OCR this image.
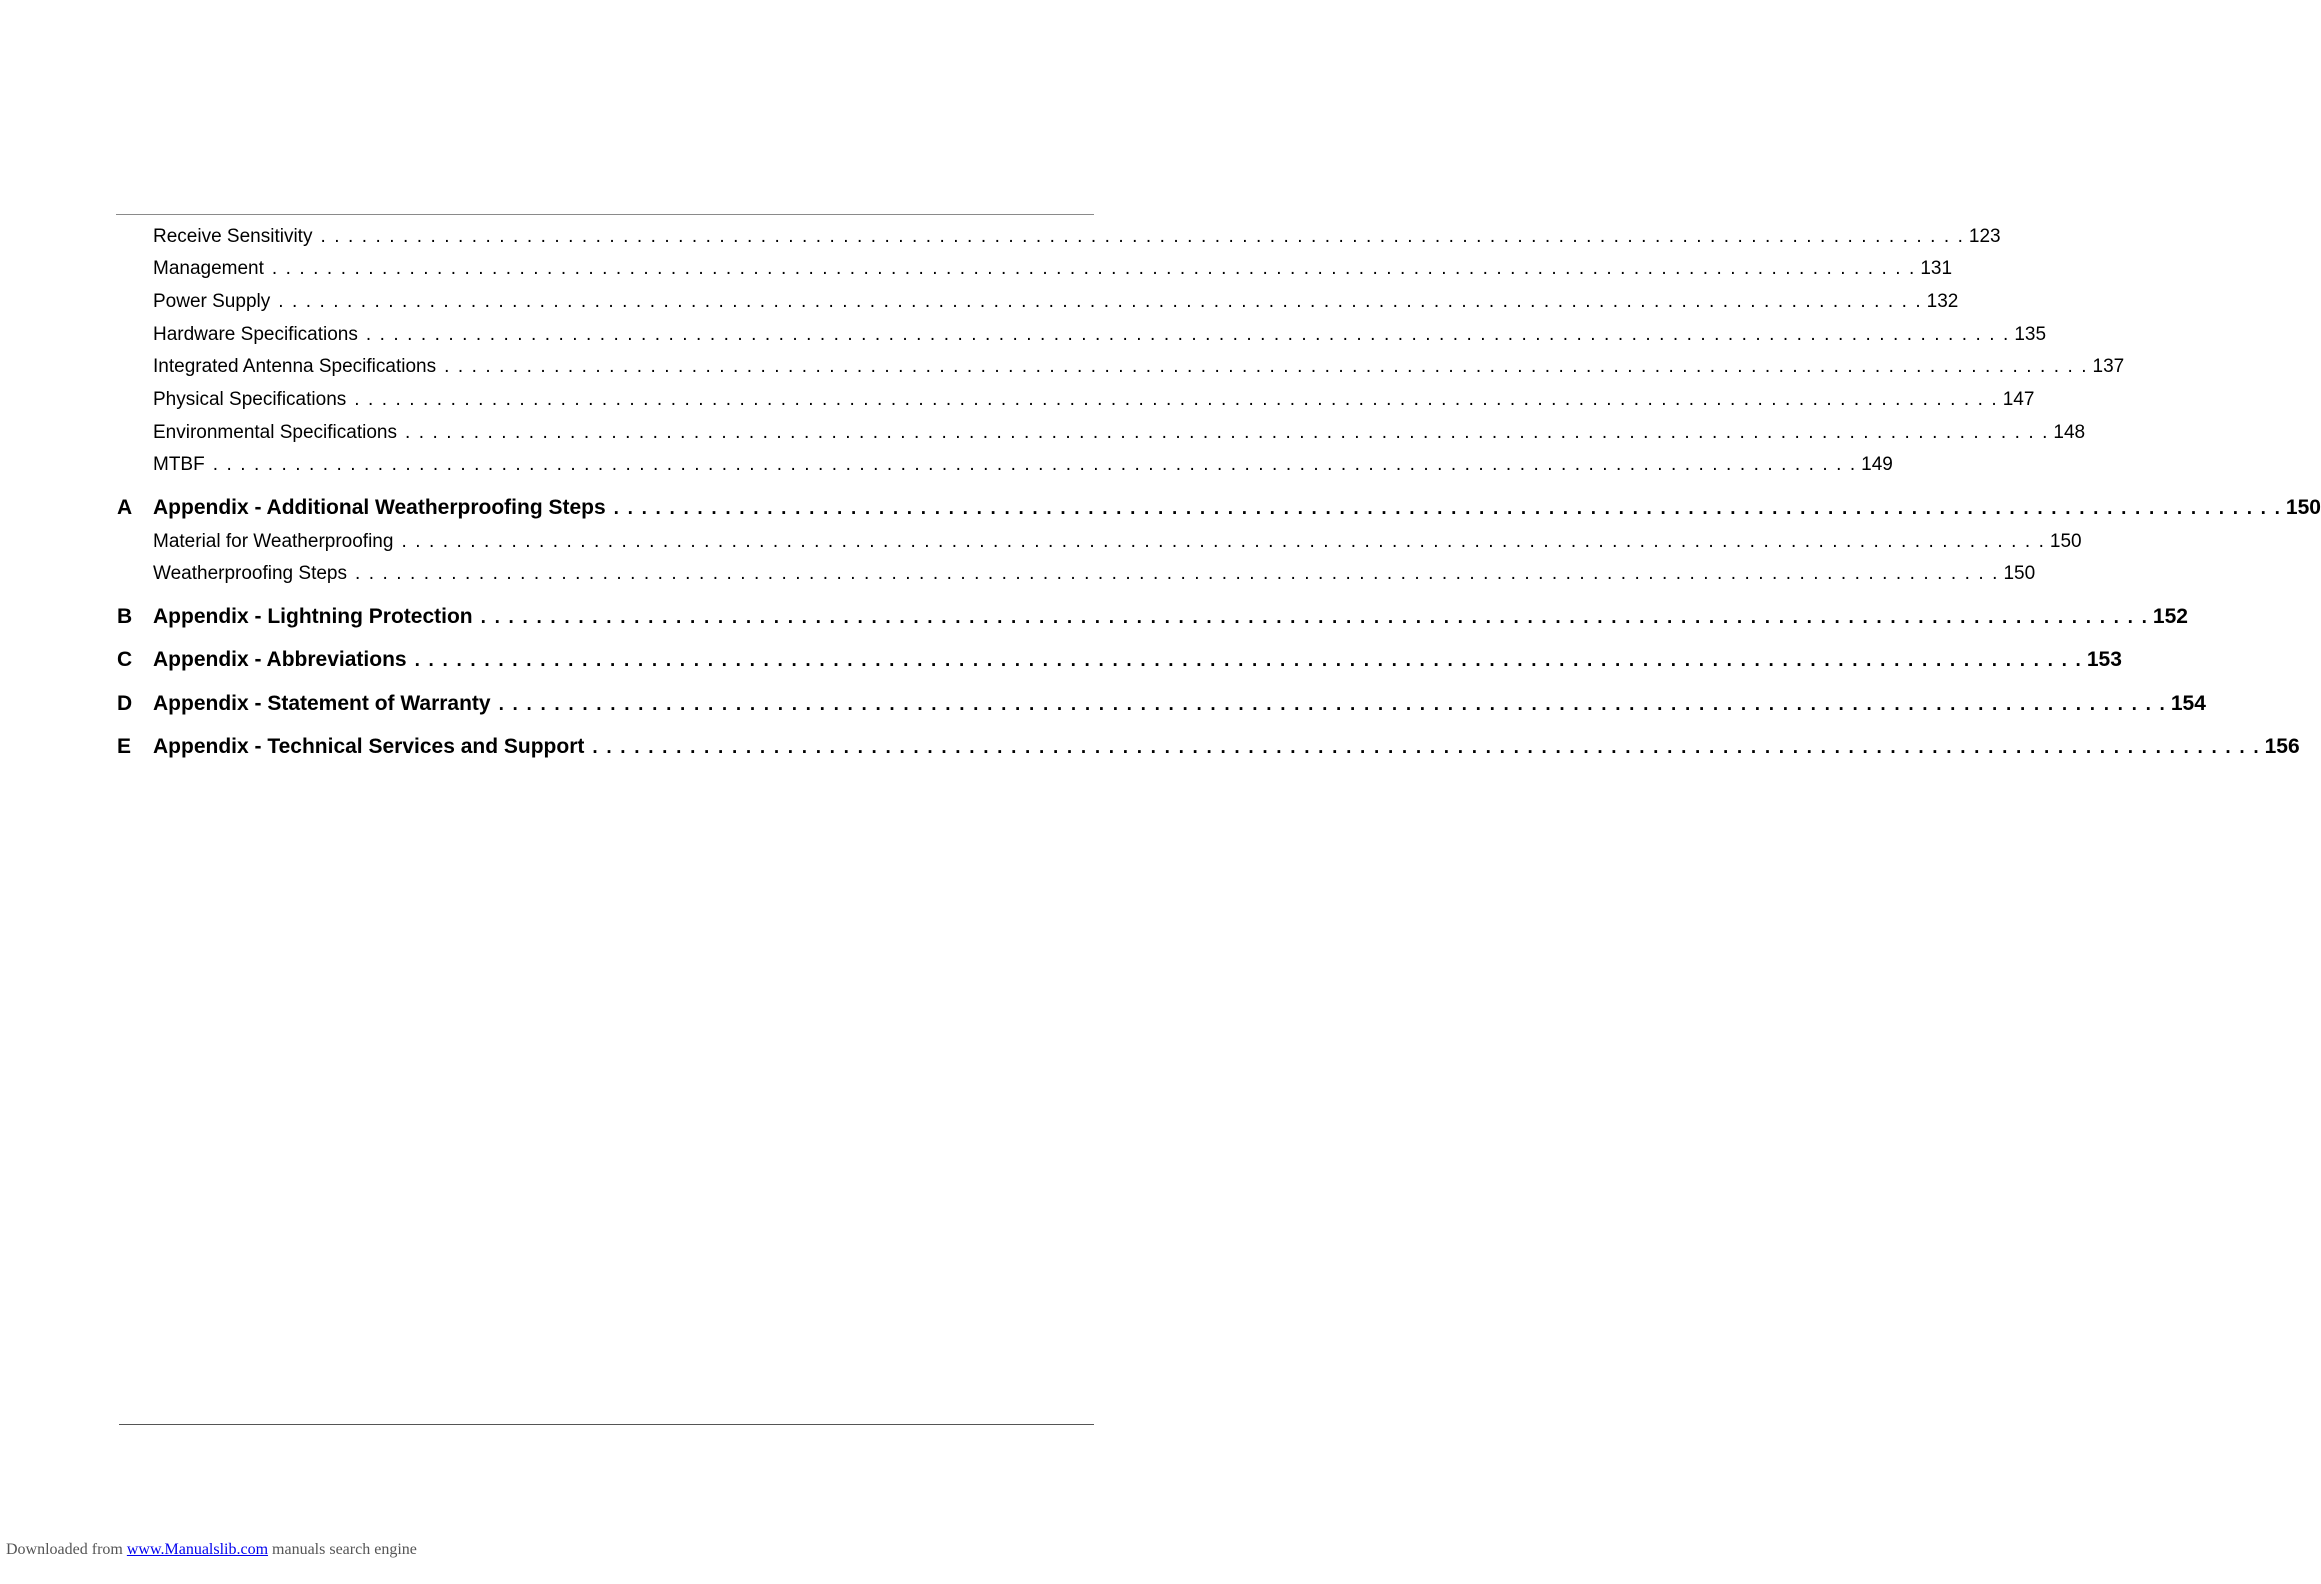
Receive Sensitivity . . . . . . . . . . . . . . . . . . . . . . . . . . . . . . . . . . . . . . . . . . . . . . . . . . . . . . . . . . . . . . . . . . . . . . . . . . . . . . . . . . . . . . . . . . . . . . . . . . . . . . . . . . . . . . . . . . . . . . . . 123
Management . . . . . . . . . . . . . . . . . . . . . . . . . . . . . . . . . . . . . . . . . . . . . . . . . . . . . . . . . . . . . . . . . . . . . . . . . . . . . . . . . . . . . . . . . . . . . . . . . . . . . . . . . . . . . . . . . . . . . . . . 131
Power Supply . . . . . . . . . . . . . . . . . . . . . . . . . . . . . . . . . . . . . . . . . . . . . . . . . . . . . . . . . . . . . . . . . . . . . . . . . . . . . . . . . . . . . . . . . . . . . . . . . . . . . . . . . . . . . . . . . . . . . . . . 132
Hardware Specifications . . . . . . . . . . . . . . . . . . . . . . . . . . . . . . . . . . . . . . . . . . . . . . . . . . . . . . . . . . . . . . . . . . . . . . . . . . . . . . . . . . . . . . . . . . . . . . . . . . . . . . . . . . . . . . . . . . . . . . . . 135
Integrated Antenna Specifications . . . . . . . . . . . . . . . . . . . . . . . . . . . . . . . . . . . . . . . . . . . . . . . . . . . . . . . . . . . . . . . . . . . . . . . . . . . . . . . . . . . . . . . . . . . . . . . . . . . . . . . . . . . . . . . . . . . . . . . . 137
Physical Specifications . . . . . . . . . . . . . . . . . . . . . . . . . . . . . . . . . . . . . . . . . . . . . . . . . . . . . . . . . . . . . . . . . . . . . . . . . . . . . . . . . . . . . . . . . . . . . . . . . . . . . . . . . . . . . . . . . . . . . . . . 147
Environmental Specifications . . . . . . . . . . . . . . . . . . . . . . . . . . . . . . . . . . . . . . . . . . . . . . . . . . . . . . . . . . . . . . . . . . . . . . . . . . . . . . . . . . . . . . . . . . . . . . . . . . . . . . . . . . . . . . . . . . . . . . . . 148
MTBF . . . . . . . . . . . . . . . . . . . . . . . . . . . . . . . . . . . . . . . . . . . . . . . . . . . . . . . . . . . . . . . . . . . . . . . . . . . . . . . . . . . . . . . . . . . . . . . . . . . . . . . . . . . . . . . . . . . . . . . . 149
A Appendix - Additional Weatherproofing Steps . . . . . . . . . . . . . . . . . . . . . . . . . . . . . . . . . . . . . . . . . . . . . . . . . . . . . . . . . . . . . . . . . . . . . . . . . . . . . . . . . . . . . . . . . . . . . . . . . . . . . . . . . . . . . . . . . . . . . . . . 150
Material for Weatherproofing . . . . . . . . . . . . . . . . . . . . . . . . . . . . . . . . . . . . . . . . . . . . . . . . . . . . . . . . . . . . . . . . . . . . . . . . . . . . . . . . . . . . . . . . . . . . . . . . . . . . . . . . . . . . . . . . . . . . . . . . 150
Weatherproofing Steps . . . . . . . . . . . . . . . . . . . . . . . . . . . . . . . . . . . . . . . . . . . . . . . . . . . . . . . . . . . . . . . . . . . . . . . . . . . . . . . . . . . . . . . . . . . . . . . . . . . . . . . . . . . . . . . . . . . . . . . . 150
B Appendix - Lightning Protection . . . . . . . . . . . . . . . . . . . . . . . . . . . . . . . . . . . . . . . . . . . . . . . . . . . . . . . . . . . . . . . . . . . . . . . . . . . . . . . . . . . . . . . . . . . . . . . . . . . . . . . . . . . . . . . . . . . . . . . . 152
C Appendix - Abbreviations . . . . . . . . . . . . . . . . . . . . . . . . . . . . . . . . . . . . . . . . . . . . . . . . . . . . . . . . . . . . . . . . . . . . . . . . . . . . . . . . . . . . . . . . . . . . . . . . . . . . . . . . . . . . . . . . . . . . . . . . 153
D Appendix - Statement of Warranty . . . . . . . . . . . . . . . . . . . . . . . . . . . . . . . . . . . . . . . . . . . . . . . . . . . . . . . . . . . . . . . . . . . . . . . . . . . . . . . . . . . . . . . . . . . . . . . . . . . . . . . . . . . . . . . . . . . . . . . . 154
E Appendix - Technical Services and Support . . . . . . . . . . . . . . . . . . . . . . . . . . . . . . . . . . . . . . . . . . . . . . . . . . . . . . . . . . . . . . . . . . . . . . . . . . . . . . . . . . . . . . . . . . . . . . . . . . . . . . . . . . . . . . . . . . . . . . . . 156
Downloaded from www.Manualslib.com manuals search engine
